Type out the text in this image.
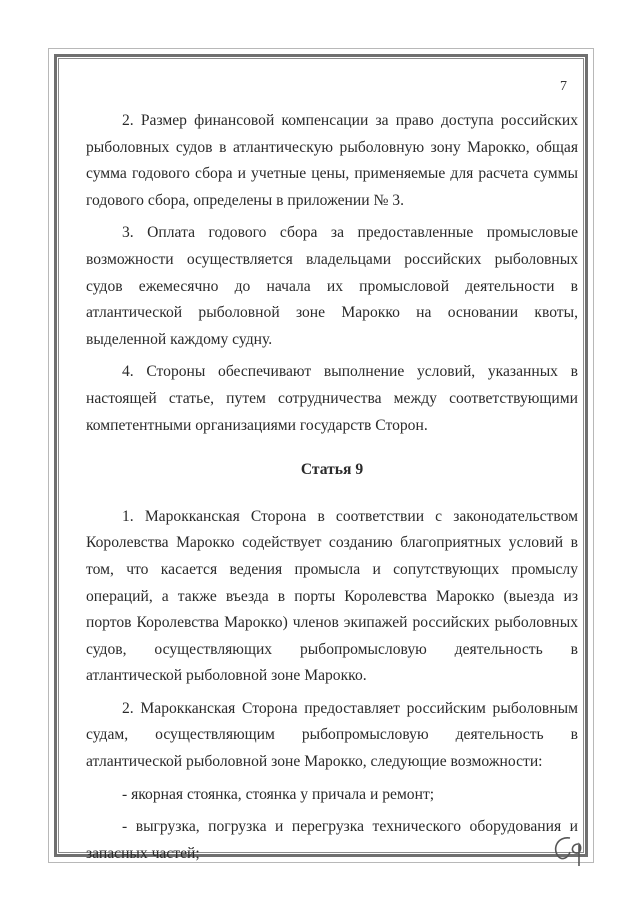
7

2. Размер финансовой компенсации за право доступа российских рыболовных судов в атлантическую рыболовную зону Марокко, общая сумма годового сбора и учетные цены, применяемые для расчета суммы годового сбора, определены в приложении № 3.

3. Оплата годового сбора за предоставленные промысловые возможности осуществляется владельцами российских рыболовных судов ежемесячно до начала их промысловой деятельности в атлантической рыболовной зоне Марокко на основании квоты, выделенной каждому судну.

4. Стороны обеспечивают выполнение условий, указанных в настоящей статье, путем сотрудничества между соответствующими компетентными организациями государств Сторон.

Статья 9

1. Марокканская Сторона в соответствии с законодательством Королевства Марокко содействует созданию благоприятных условий в том, что касается ведения промысла и сопутствующих промыслу операций, а также въезда в порты Королевства Марокко (выезда из портов Королевства Марокко) членов экипажей российских рыболовных судов, осуществляющих рыбопромысловую деятельность в атлантической рыболовной зоне Марокко.

2. Марокканская Сторона предоставляет российским рыболовным судам, осуществляющим рыбопромысловую деятельность в атлантической рыболовной зоне Марокко, следующие возможности:

- якорная стоянка, стоянка у причала и ремонт;

- выгрузка, погрузка и перегрузка технического оборудования и запасных частей;
